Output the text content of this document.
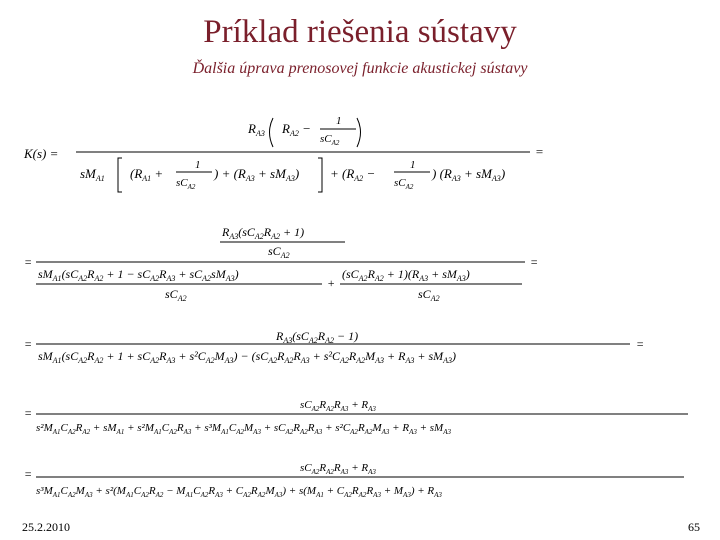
Príklad riešenia sústavy
Ďalšia úprava prenosovej funkcie akustickej sústavy
K(s) =
$R_{A3}$ $R_{A2} - 1$
$sC_{A2}$
$sM_{A1}$ ($R_{A1}$ +
1
$sC_{A2}$
) + $(R_{A3} + sM_{A3}) + (R_{A2}$ −
1
$sC_{A2}$
) $(R_{A3} + sM_{A3})$
=
=
$R_{A3}(sC_{A2}R_{A2} + 1)$
$sC_{A2}$
$sM_{A1}(sC_{A2}R_{A2} + 1 - sC_{A2}R_{A3} + sC_{A2}sM_{A3})$
$sC_{A2}$
+
$(sC_{A2}R_{A2} + 1)(R_{A3} + sM_{A3})$
$sC_{A2}$
=
=
$R_{A3}(sC_{A2}R_{A2} - 1)$
$sM_{A1}(sC_{A2}R_{A2} + 1 + sC_{A2}R_{A3} + s^2C_{A2}M_{A3}) - (sC_{A2}R_{A2}R_{A3} + s^2C_{A2}R_{A2}M_{A3} + R_{A3} + sM_{A3})$
=
=
$sC_{A2}R_{A2}R_{A3} + R_{A3}$
$s^2M_{A1}C_{A2}R_{A2} + sM_{A1} + s^2M_{A1}C_{A2}R_{A3} + s^3M_{A1}C_{A2}M_{A3} + sC_{A2}R_{A2}R_{A3} + s^2C_{A2}R_{A2}M_{A3} + R_{A3} + sM_{A3}$
=	$sC_{A2}R_{A2}R_{A3} + R_{A3}$
$s^3M_{A1}C_{A2}M_{A3} + s^2(M_{A1}C_{A2}R_{A2} - M_{A1}C_{A2}R_{A3} + C_{A2}R_{A2}M_{A3}) + s(M_{A1} + C_{A2}R_{A2}R_{A3} + M_{A3}) + R_{A3}$
25.2.2010	65
